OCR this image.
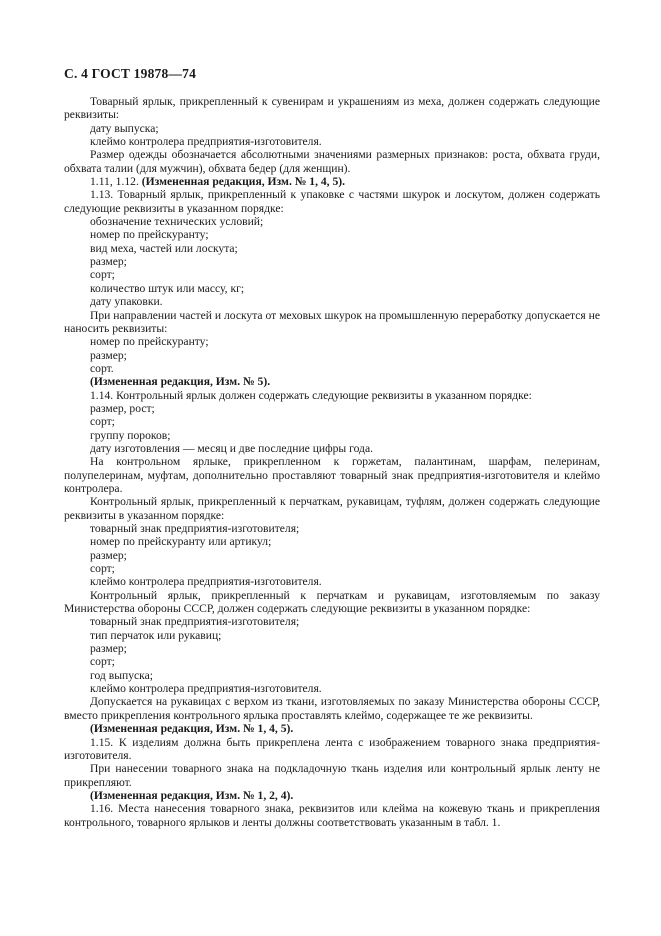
С. 4 ГОСТ 19878—74

Товарный ярлык, прикрепленный к сувенирам и украшениям из меха, должен содержать следующие реквизиты:

дату выпуска;

клеймо контролера предприятия-изготовителя.

Размер одежды обозначается абсолютными значениями размерных признаков: роста, обхвата груди, обхвата талии (для мужчин), обхвата бедер (для женщин).

1.11, 1.12. (Измененная редакция, Изм. № 1, 4, 5).

1.13. Товарный ярлык, прикрепленный к упаковке с частями шкурок и лоскутом, должен содержать следующие реквизиты в указанном порядке:

обозначение технических условий;

номер по прейскуранту;

вид меха, частей или лоскута;

размер;

сорт;

количество штук или массу, кг;

дату упаковки.

При направлении частей и лоскута от меховых шкурок на промышленную переработку допускается не наносить реквизиты:

номер по прейскуранту;

размер;

сорт.

(Измененная редакция, Изм. № 5).

1.14. Контрольный ярлык должен содержать следующие реквизиты в указанном порядке:

размер, рост;

сорт;

группу пороков;

дату изготовления — месяц и две последние цифры года.

На контрольном ярлыке, прикрепленном к горжетам, палантинам, шарфам, пелеринам, полупелеринам, муфтам, дополнительно проставляют товарный знак предприятия-изготовителя и клеймо контролера.

Контрольный ярлык, прикрепленный к перчаткам, рукавицам, туфлям, должен содержать следующие реквизиты в указанном порядке:

товарный знак предприятия-изготовителя;

номер по прейскуранту или артикул;

размер;

сорт;

клеймо контролера предприятия-изготовителя.

Контрольный ярлык, прикрепленный к перчаткам и рукавицам, изготовляемым по заказу Министерства обороны СССР, должен содержать следующие реквизиты в указанном порядке:

товарный знак предприятия-изготовителя;

тип перчаток или рукавиц;

размер;

сорт;

год выпуска;

клеймо контролера предприятия-изготовителя.

Допускается на рукавицах с верхом из ткани, изготовляемых по заказу Министерства обороны СССР, вместо прикрепления контрольного ярлыка проставлять клеймо, содержащее те же реквизиты.

(Измененная редакция, Изм. № 1, 4, 5).

1.15. К изделиям должна быть прикреплена лента с изображением товарного знака предприятия-изготовителя.

При нанесении товарного знака на подкладочную ткань изделия или контрольный ярлык ленту не прикрепляют.

(Измененная редакция, Изм. № 1, 2, 4).

1.16. Места нанесения товарного знака, реквизитов или клейма на кожевую ткань и прикрепления контрольного, товарного ярлыков и ленты должны соответствовать указанным в табл. 1.
